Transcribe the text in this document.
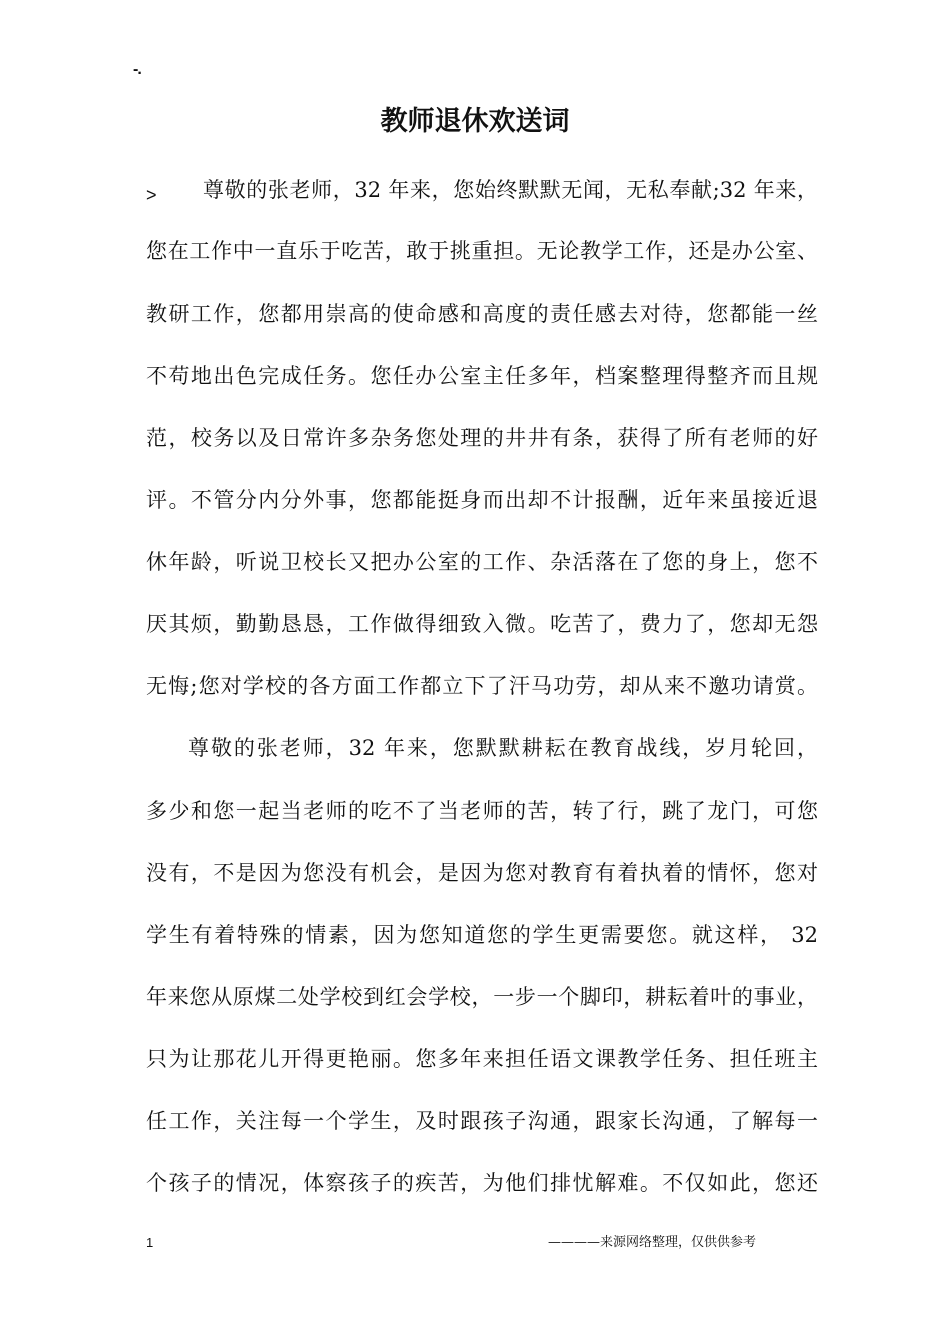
-.
教师退休欢送词
> 尊敬的张老师，32 年来，您始终默默无闻，无私奉献;32 年来，
您在工作中一直乐于吃苦，敢于挑重担。无论教学工作，还是办公室、
教研工作，您都用崇高的使命感和高度的责任感去对待，您都能一丝
不苟地出色完成任务。您任办公室主任多年，档案整理得整齐而且规
范，校务以及日常许多杂务您处理的井井有条，获得了所有老师的好
评。不管分内分外事，您都能挺身而出却不计报酬，近年来虽接近退
休年龄，听说卫校长又把办公室的工作、杂活落在了您的身上，您不
厌其烦，勤勤恳恳，工作做得细致入微。吃苦了，费力了，您却无怨
无悔;您对学校的各方面工作都立下了汗马功劳，却从来不邀功请赏。
尊敬的张老师，32 年来，您默默耕耘在教育战线，岁月轮回，
多少和您一起当老师的吃不了当老师的苦，转了行，跳了龙门，可您
没有，不是因为您没有机会，是因为您对教育有着执着的情怀，您对
学生有着特殊的情素，因为您知道您的学生更需要您。就这样， 32
年来您从原煤二处学校到红会学校，一步一个脚印，耕耘着叶的事业，
只为让那花儿开得更艳丽。您多年来担任语文课教学任务、担任班主
任工作，关注每一个学生，及时跟孩子沟通，跟家长沟通，了解每一
个孩子的情况，体察孩子的疾苦，为他们排忧解难。不仅如此，您还
1	————来源网络整理，仅供供参考
